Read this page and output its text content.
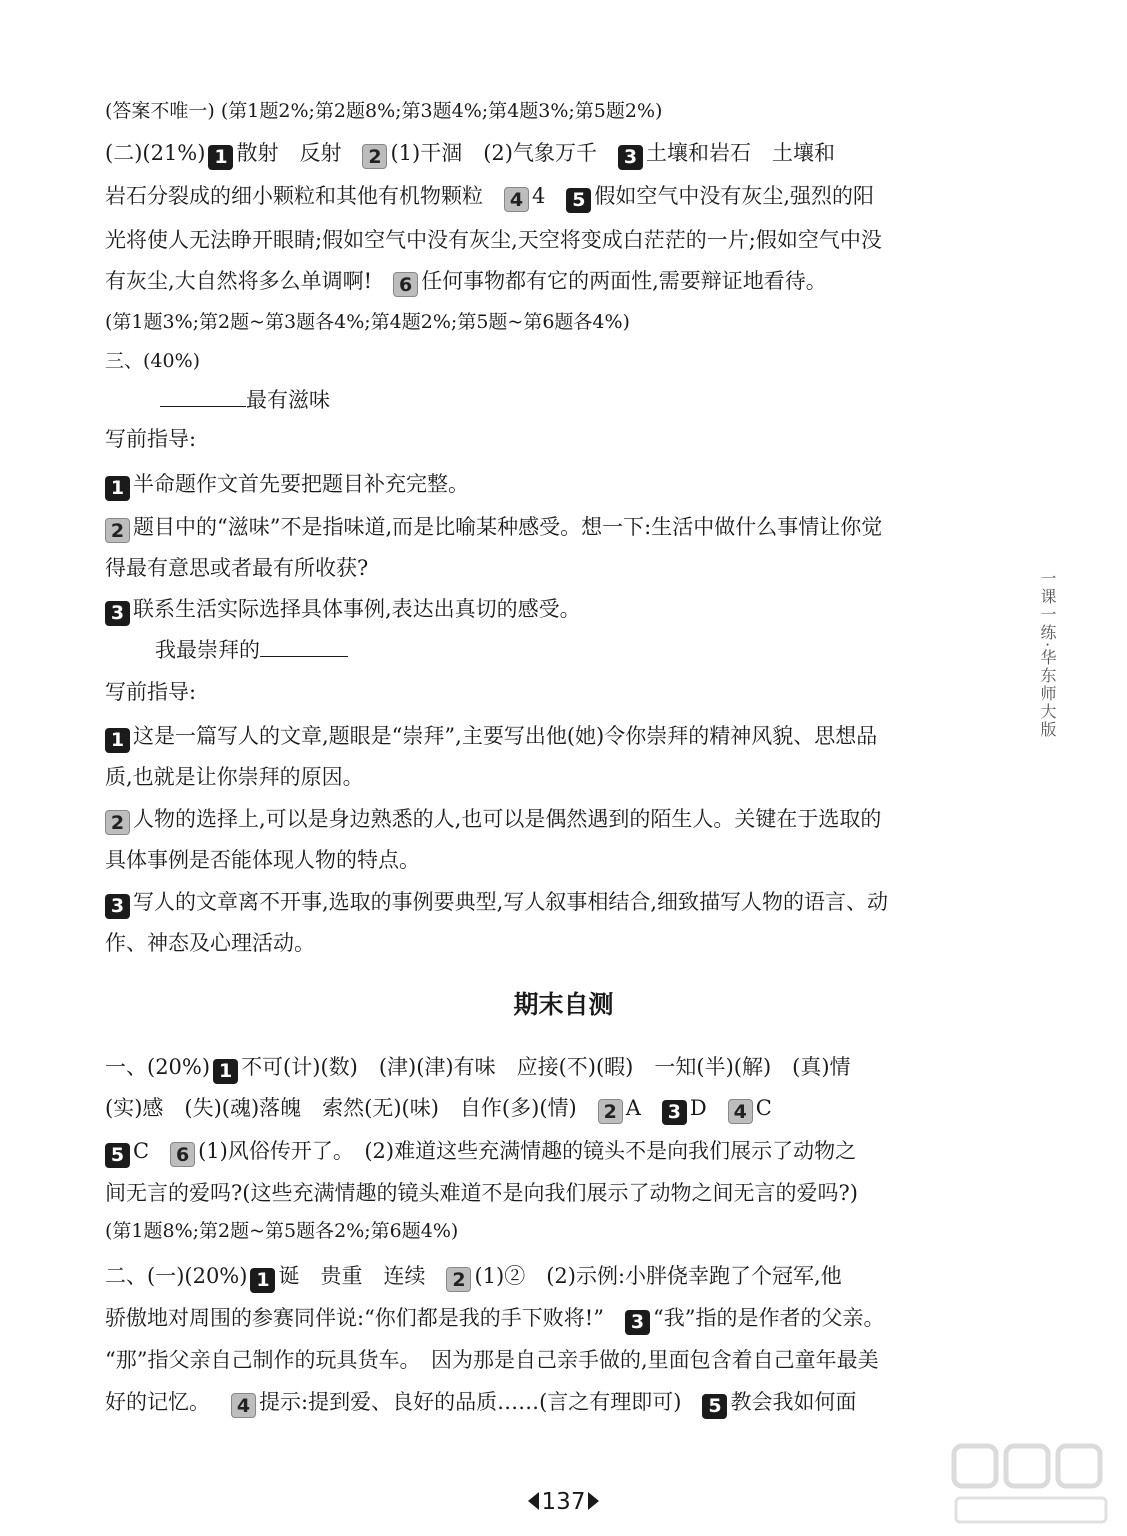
(答案不唯一) (第1题2%;第2题8%;第3题4%;第4题3%;第5题2%)
(二)(21%) 1 散射　反射 2 (1)干涸　(2)气象万千 3 土壤和岩石　土壤和
岩石分裂成的细小颗粒和其他有机物颗粒 4 4 5 假如空气中没有灰尘,强烈的阳
光将使人无法睁开眼睛;假如空气中没有灰尘,天空将变成白茫茫的一片;假如空气中没
有灰尘,大自然将多么单调啊! 6 任何事物都有它的两面性,需要辩证地看待。
(第1题3%;第2题~第3题各4%;第4题2%;第5题~第6题各4%)
三、(40%)
最有滋味
写前指导:
1 半命题作文首先要把题目补充完整。
2 题目中的“滋味”不是指味道,而是比喻某种感受。想一下:生活中做什么事情让你觉
得最有意思或者最有所收获?
3 联系生活实际选择具体事例,表达出真切的感受。
我最崇拜的
写前指导:
1 这是一篇写人的文章,题眼是“崇拜”,主要写出他(她)令你崇拜的精神风貌、思想品
质,也就是让你崇拜的原因。
2 人物的选择上,可以是身边熟悉的人,也可以是偶然遇到的陌生人。关键在于选取的
具体事例是否能体现人物的特点。
3 写人的文章离不开事,选取的事例要典型,写人叙事相结合,细致描写人物的语言、动
作、神态及心理活动。
期末自测
一、(20%) 1 不可(计)(数)　(津)(津)有味　应接(不)(暇)　一知(半)(解)　(真)情
(实)感　(失)(魂)落魄　索然(无)(味)　自作(多)(情) 2 A 3 D 4 C
5 C 6 (1)风俗传开了。　(2)难道这些充满情趣的镜头不是向我们展示了动物之
间无言的爱吗?(这些充满情趣的镜头难道不是向我们展示了动物之间无言的爱吗?)
(第1题8%;第2题~第5题各2%;第6题4%)
二、(一)(20%) 1 诞　贵重　连续 2 (1)②　(2)示例:小胖侥幸跑了个冠军,他
骄傲地对周围的参赛同伴说:“你们都是我的手下败将!” 3 “我”指的是作者的父亲。
“那”指父亲自己制作的玩具货车。　因为那是自己亲手做的,里面包含着自己童年最美
好的记忆。 4 提示:提到爱、良好的品质……(言之有理即可) 5 教会我如何面
一课一练·华东师大版
137
